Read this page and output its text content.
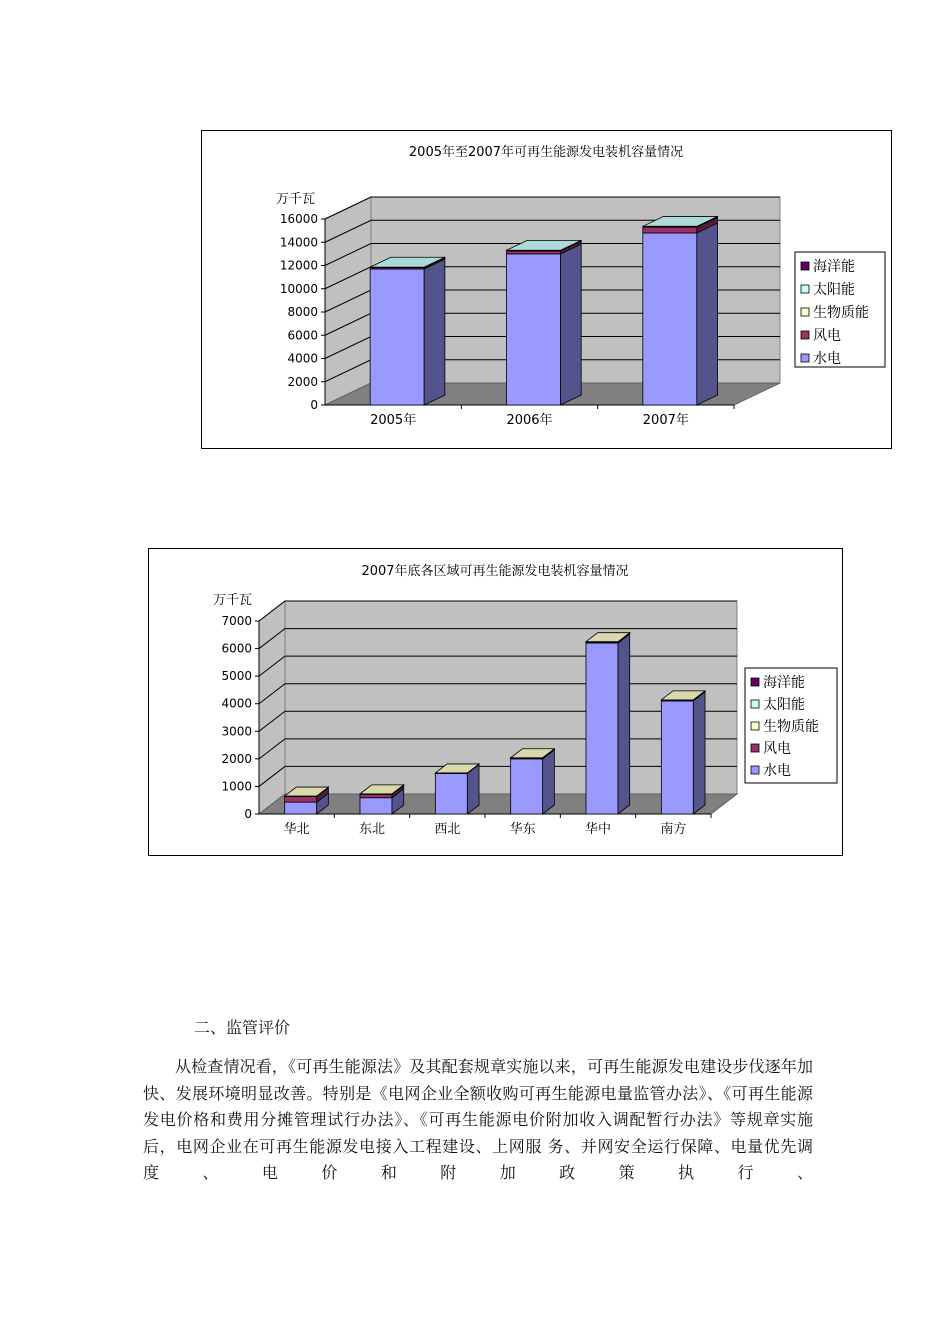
2005年至2007年可再生能源发电装机容量情况
万千瓦
0
2000
4000
6000
8000
10000
12000
14000
16000
2005年	2006年	2007年
海洋能
太阳能
生物质能
风电
水电
2007年底各区域可再生能源发电装机容量情况
万千瓦
0
1000
2000
3000
4000
5000
6000
7000
华北	东北	西北	华东	华中	南方
海洋能
太阳能
生物质能
风电
水电
二、监管评价

从检查情况看，《可再生能源法》及其配套规章实施以来，可再生能源发电建设步伐逐年加快、发展环境明显改善。特别是《电网企业全额收购可再生能源电量监管办法》、《可再生能源发电价格和费用分摊管理试行办法》、《可再生能源电价附加收入调配暂行办法》等规章实施后，电网企业在可再生能源发电接入工程建设、上网服 务、并网安全运行保障、电量优先调度、电价和附加政策执行、
